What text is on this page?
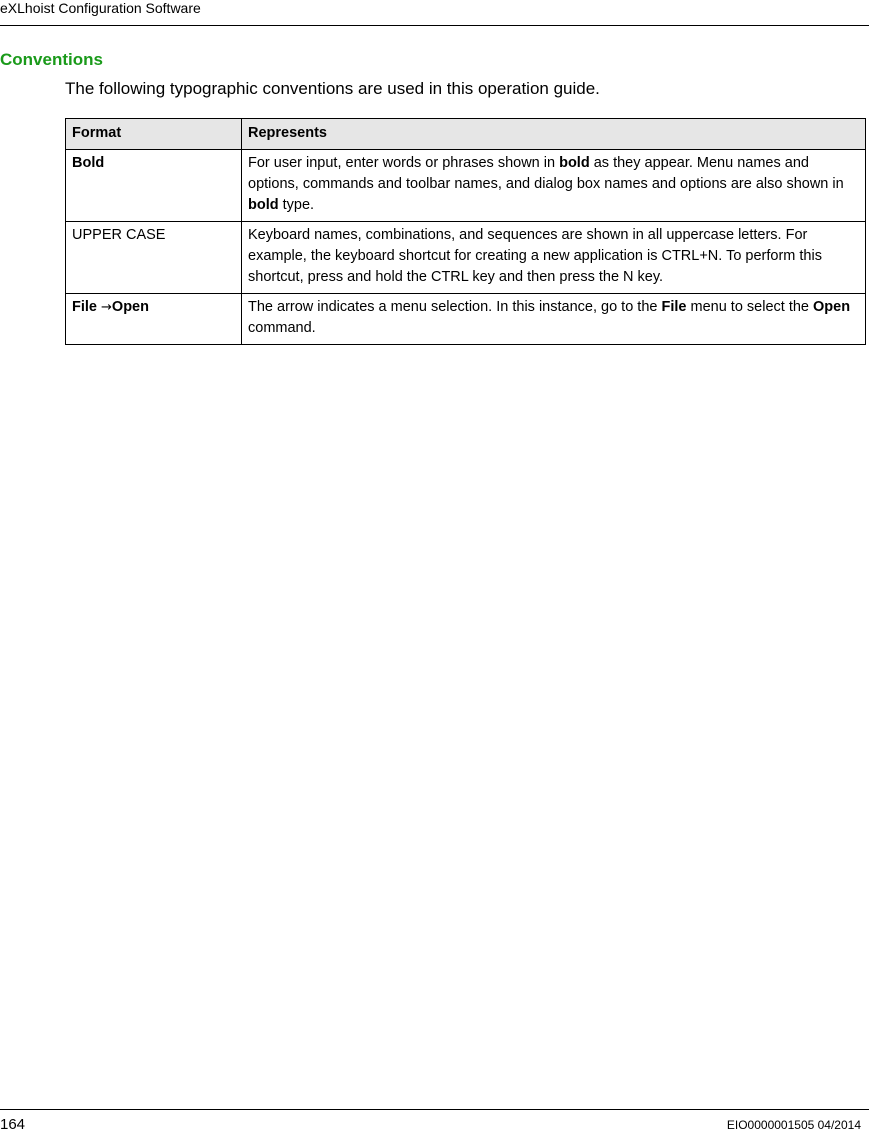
eXLhoist Configuration Software
Conventions

The following typographic conventions are used in this operation guide.

Format	Represents
Bold	For user input, enter words or phrases shown in bold as they appear. Menu names and options, commands and toolbar names, and dialog box names and options are also shown in bold type.
UPPER CASE	Keyboard names, combinations, and sequences are shown in all uppercase letters. For example, the keyboard shortcut for creating a new application is CTRL+N. To perform this shortcut, press and hold the CTRL key and then press the N key.
File →Open	The arrow indicates a menu selection. In this instance, go to the File menu to select the Open command.
164	EIO0000001505 04/2014
